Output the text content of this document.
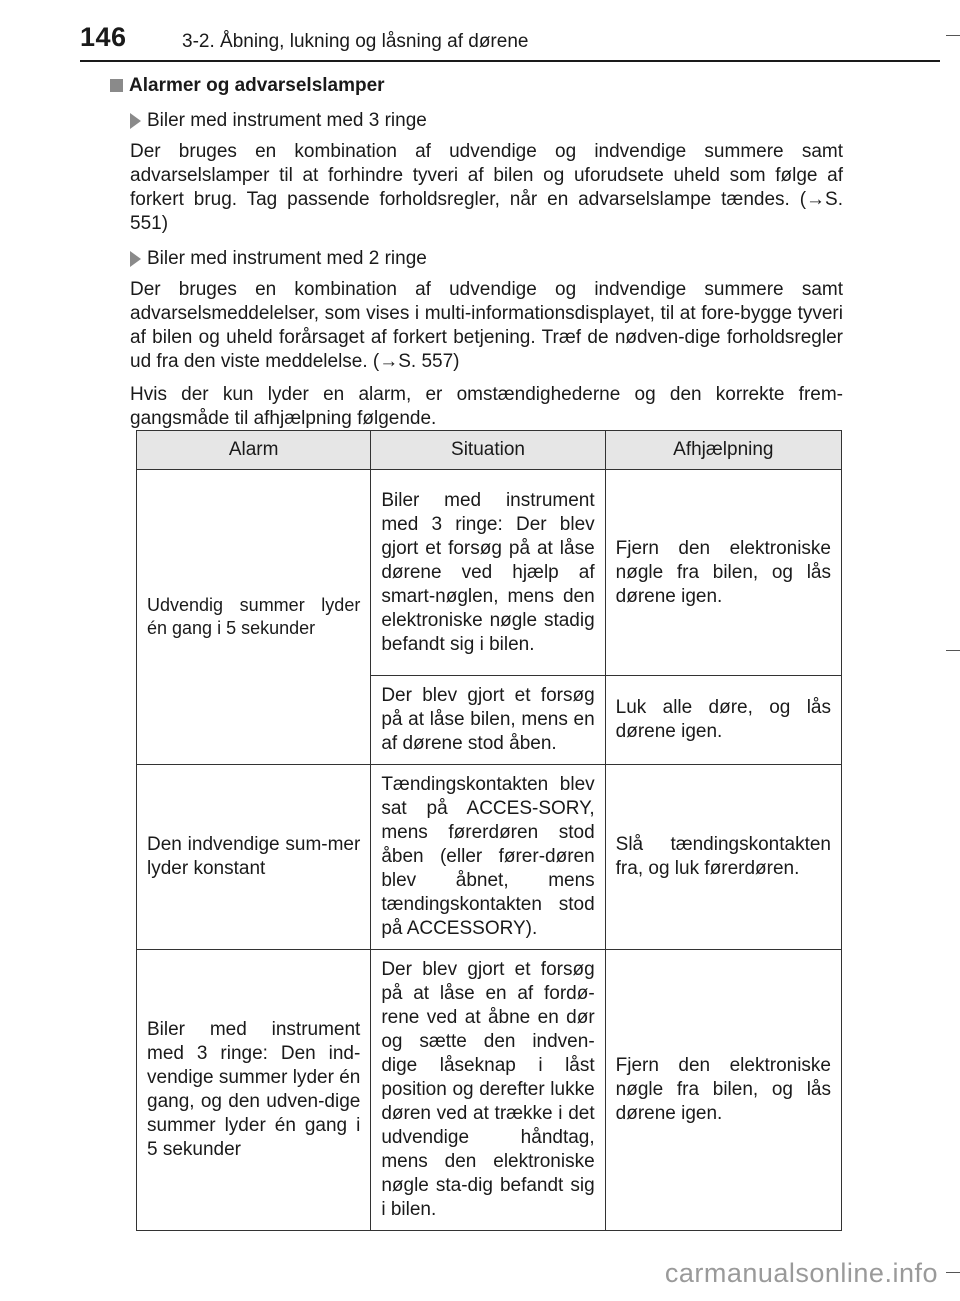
146	3-2. Åbning, lukning og låsning af dørene
Alarmer og advarselslamper
Biler med instrument med 3 ringe

Der bruges en kombination af udvendige og indvendige summere samt advarselslamper til at forhindre tyveri af bilen og uforudsete uheld som følge af forkert brug. Tag passende forholdsregler, når en advarselslampe tændes. (→S. 551)

Biler med instrument med 2 ringe

Der bruges en kombination af udvendige og indvendige summere samt advarselsmeddelelser, som vises i multi-informationsdisplayet, til at fore-bygge tyveri af bilen og uheld forårsaget af forkert betjening. Træf de nødven-dige forholdsregler ud fra den viste meddelelse. (→S. 557)

Hvis der kun lyder en alarm, er omstændighederne og den korrekte frem-gangsmåde til afhjælpning følgende.

Alarm	Situation	Afhjælpning
Udvendig summer lyder én gang i 5 sekunder	Biler med instrument med 3 ringe: Der blev gjort et forsøg på at låse dørene ved hjælp af smart-nøglen, mens den elektroniske nøgle stadig befandt sig i bilen.	Fjern den elektroniske nøgle fra bilen, og lås dørene igen.
	Der blev gjort et forsøg på at låse bilen, mens en af dørene stod åben.	Luk alle døre, og lås dørene igen.
Den indvendige sum-mer lyder konstant	Tændingskontakten blev sat på ACCES-SORY, mens førerdøren stod åben (eller fører-døren blev åbnet, mens tændingskontakten stod på ACCESSORY).	Slå tændingskontakten fra, og luk førerdøren.
Biler med instrument med 3 ringe: Den ind-vendige summer lyder én gang, og den udven-dige summer lyder én gang i 5 sekunder	Der blev gjort et forsøg på at låse en af fordø-rene ved at åbne en dør og sætte den indven-dige låseknap i låst position og derefter lukke døren ved at trække i det udvendige håndtag, mens den elektroniske nøgle sta-dig befandt sig i bilen.	Fjern den elektroniske nøgle fra bilen, og lås dørene igen.
carmanualsonline.info
